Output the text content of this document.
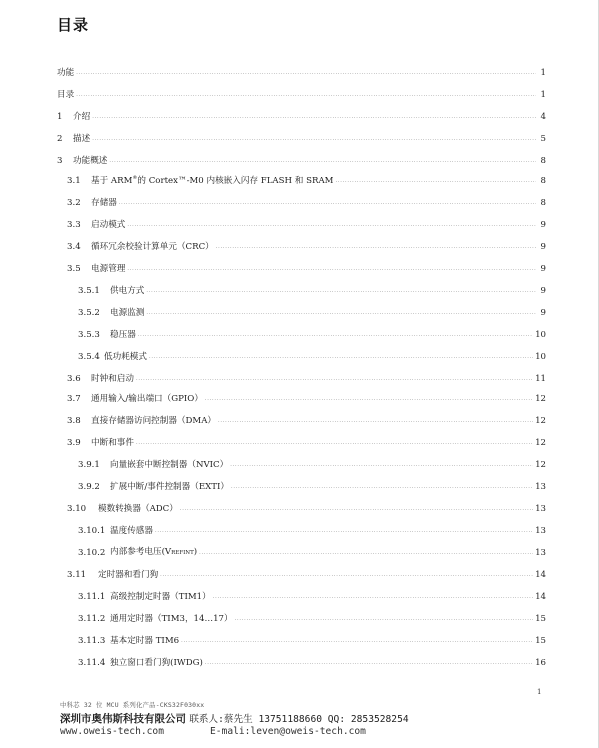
目录
功能 . . .	1
目录 . . .	1
1	介绍 . . .	4
2	描述 . . .	5
3	功能概述 . . .	8
3.1	基于 ARM®的 Cortex™-M0 内核嵌入闪存 FLASH 和 SRAM . . .	8
3.2	存储器 . . .	8
3.3	启动模式 . . .	9
3.4	循环冗余校验计算单元（CRC） . . .	9
3.5	电源管理 . . .	9
3.5.1	供电方式 . . .	9
3.5.2	电源监测 . . .	9
3.5.3	稳压器 . . .	10
3.5.4 低功耗模式 . . .	10
3.6	时钟和启动 . . .	11
3.7	通用输入/输出端口（GPIO） . . .	12
3.8	直接存储器访问控制器（DMA） . . .	12
3.9	中断和事件 . . .	12
3.9.1	向量嵌套中断控制器（NVIC） . . .	12
3.9.2	扩展中断/事件控制器（EXTI） . . .	13
3.10	模数转换器（ADC） . . .	13
3.10.1 温度传感器 . . .	13
3.10.2 内部参考电压(VREFINT) . . .	13
3.11	定时器和看门狗 . . .	14
3.11.1 高级控制定时器（TIM1） . . .	14
3.11.2 通用定时器（TIM3，14…17） . . .	15
3.11.3 基本定时器 TIM6 . . .	15
3.11.4 独立窗口看门狗(IWDG) . . .	16
1
中科芯 32 位 MCU 系列化产品-CKS32F030xx
深圳市奥伟斯科技有限公司 联系人:蔡先生 13751188660 QQ: 2853528254
www.oweis-tech.com	E-mali:leven@oweis-tech.com
